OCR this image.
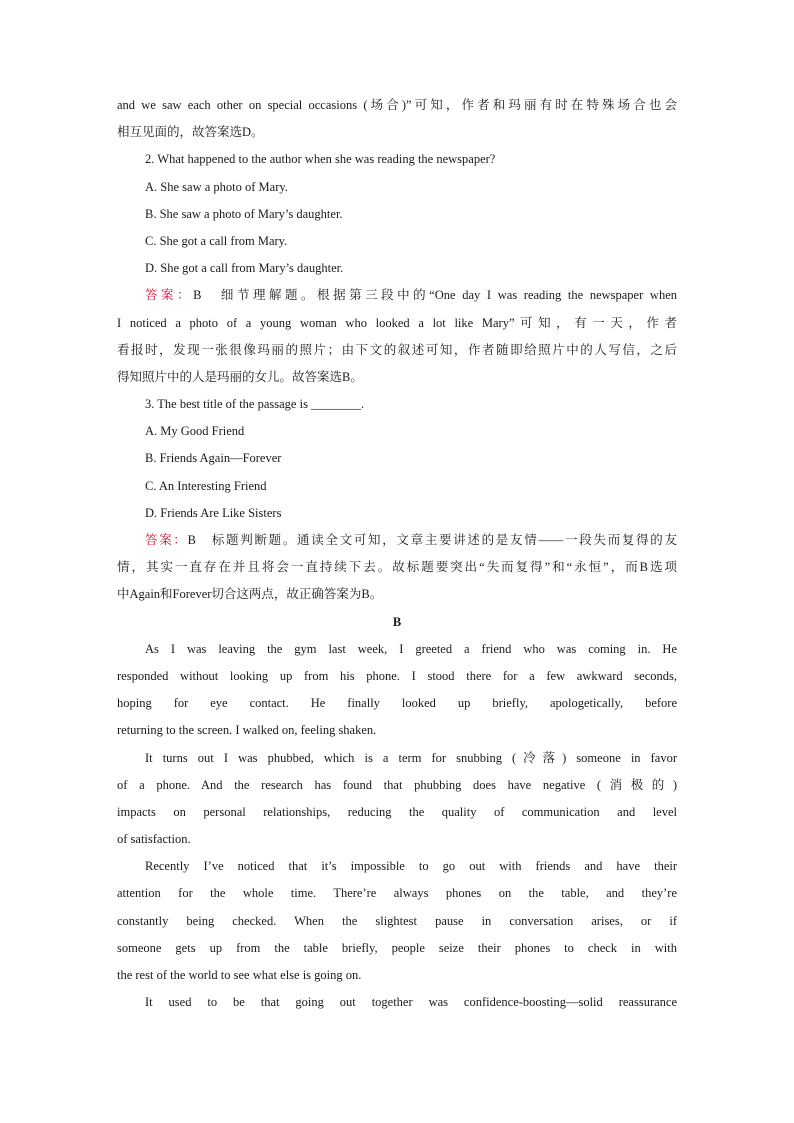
and we saw each other on special occasions (场合)”可知，作者和玛丽有时在特殊场合也会
相互见面的，故答案选D。
2. What happened to the author when she was reading the newspaper?
A. She saw a photo of Mary.
B. She saw a photo of Mary’s daughter.
C. She got a call from Mary.
D. She got a call from Mary’s daughter.
答案：B　细节理解题。根据第三段中的“One day I was reading the newspaper when
I noticed a photo of a young woman who looked a lot like Mary”可知，有一天，作者
看报时，发现一张很像玛丽的照片；由下文的叙述可知，作者随即给照片中的人写信，之后
得知照片中的人是玛丽的女儿。故答案选B。
3. The best title of the passage is ________.
A. My Good Friend
B. Friends Again—Forever
C. An Interesting Friend
D. Friends Are Like Sisters
答案：B　标题判断题。通读全文可知，文章主要讲述的是友情——一段失而复得的友
情，其实一直存在并且将会一直持续下去。故标题要突出“失而复得”和“永恒”，而B选项
中Again和Forever切合这两点，故正确答案为B。
B
As I was leaving the gym last week, I greeted a friend who was coming in. He
responded without looking up from his phone. I stood there for a few awkward seconds,
hoping for eye contact. He finally looked up briefly, apologetically, before
returning to the screen. I walked on, feeling shaken.
It turns out I was phubbed, which is a term for snubbing (冷落) someone in favor
of a phone. And the research has found that phubbing does have negative (消极的)
impacts on personal relationships, reducing the quality of communication and level
of satisfaction.
Recently I’ve noticed that it’s impossible to go out with friends and have their
attention for the whole time. There’re always phones on the table, and they’re
constantly being checked. When the slightest pause in conversation arises, or if
someone gets up from the table briefly, people seize their phones to check in with
the rest of the world to see what else is going on.
It used to be that going out together was confidence-boosting—solid reassurance
